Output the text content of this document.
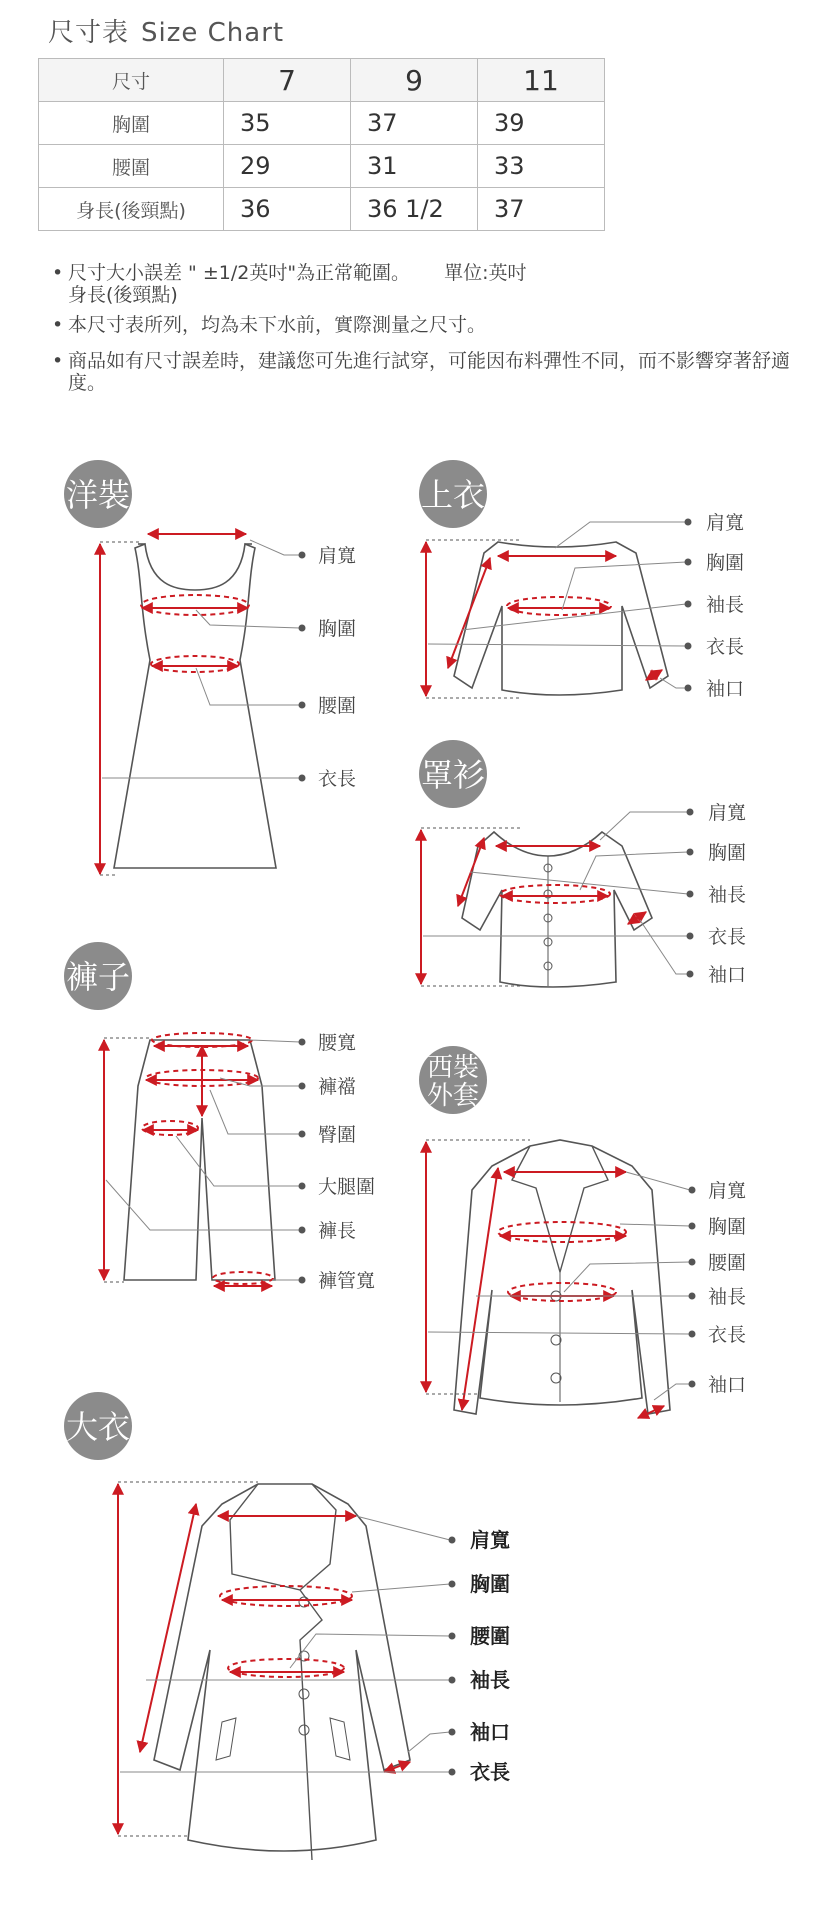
尺寸表 Size Chart
尺寸	7	9	11
胸圍	35	37	39
腰圍	29	31	33
身長(後頸點)	36	36 1/2	37
• 尺寸大小誤差 " ±1/2英吋"為正常範圍。 單位:英吋
身長(後頸點)
• 本尺寸表所列，均為未下水前，實際測量之尺寸。
• 商品如有尺寸誤差時，建議您可先進行試穿，可能因布料彈性不同，而不影響穿著舒適度。
洋裝
肩寬
胸圍
腰圍
衣長
上衣
肩寬
胸圍
袖長
衣長
袖口
罩衫
肩寬
胸圍
袖長
衣長
袖口
褲子
腰寬
褲襠
臀圍
大腿圍
褲長
褲管寬
西裝
外套
肩寬
胸圍
腰圍
袖長
衣長
袖口
大衣
肩寬
胸圍
腰圍
袖長
袖口
衣長
